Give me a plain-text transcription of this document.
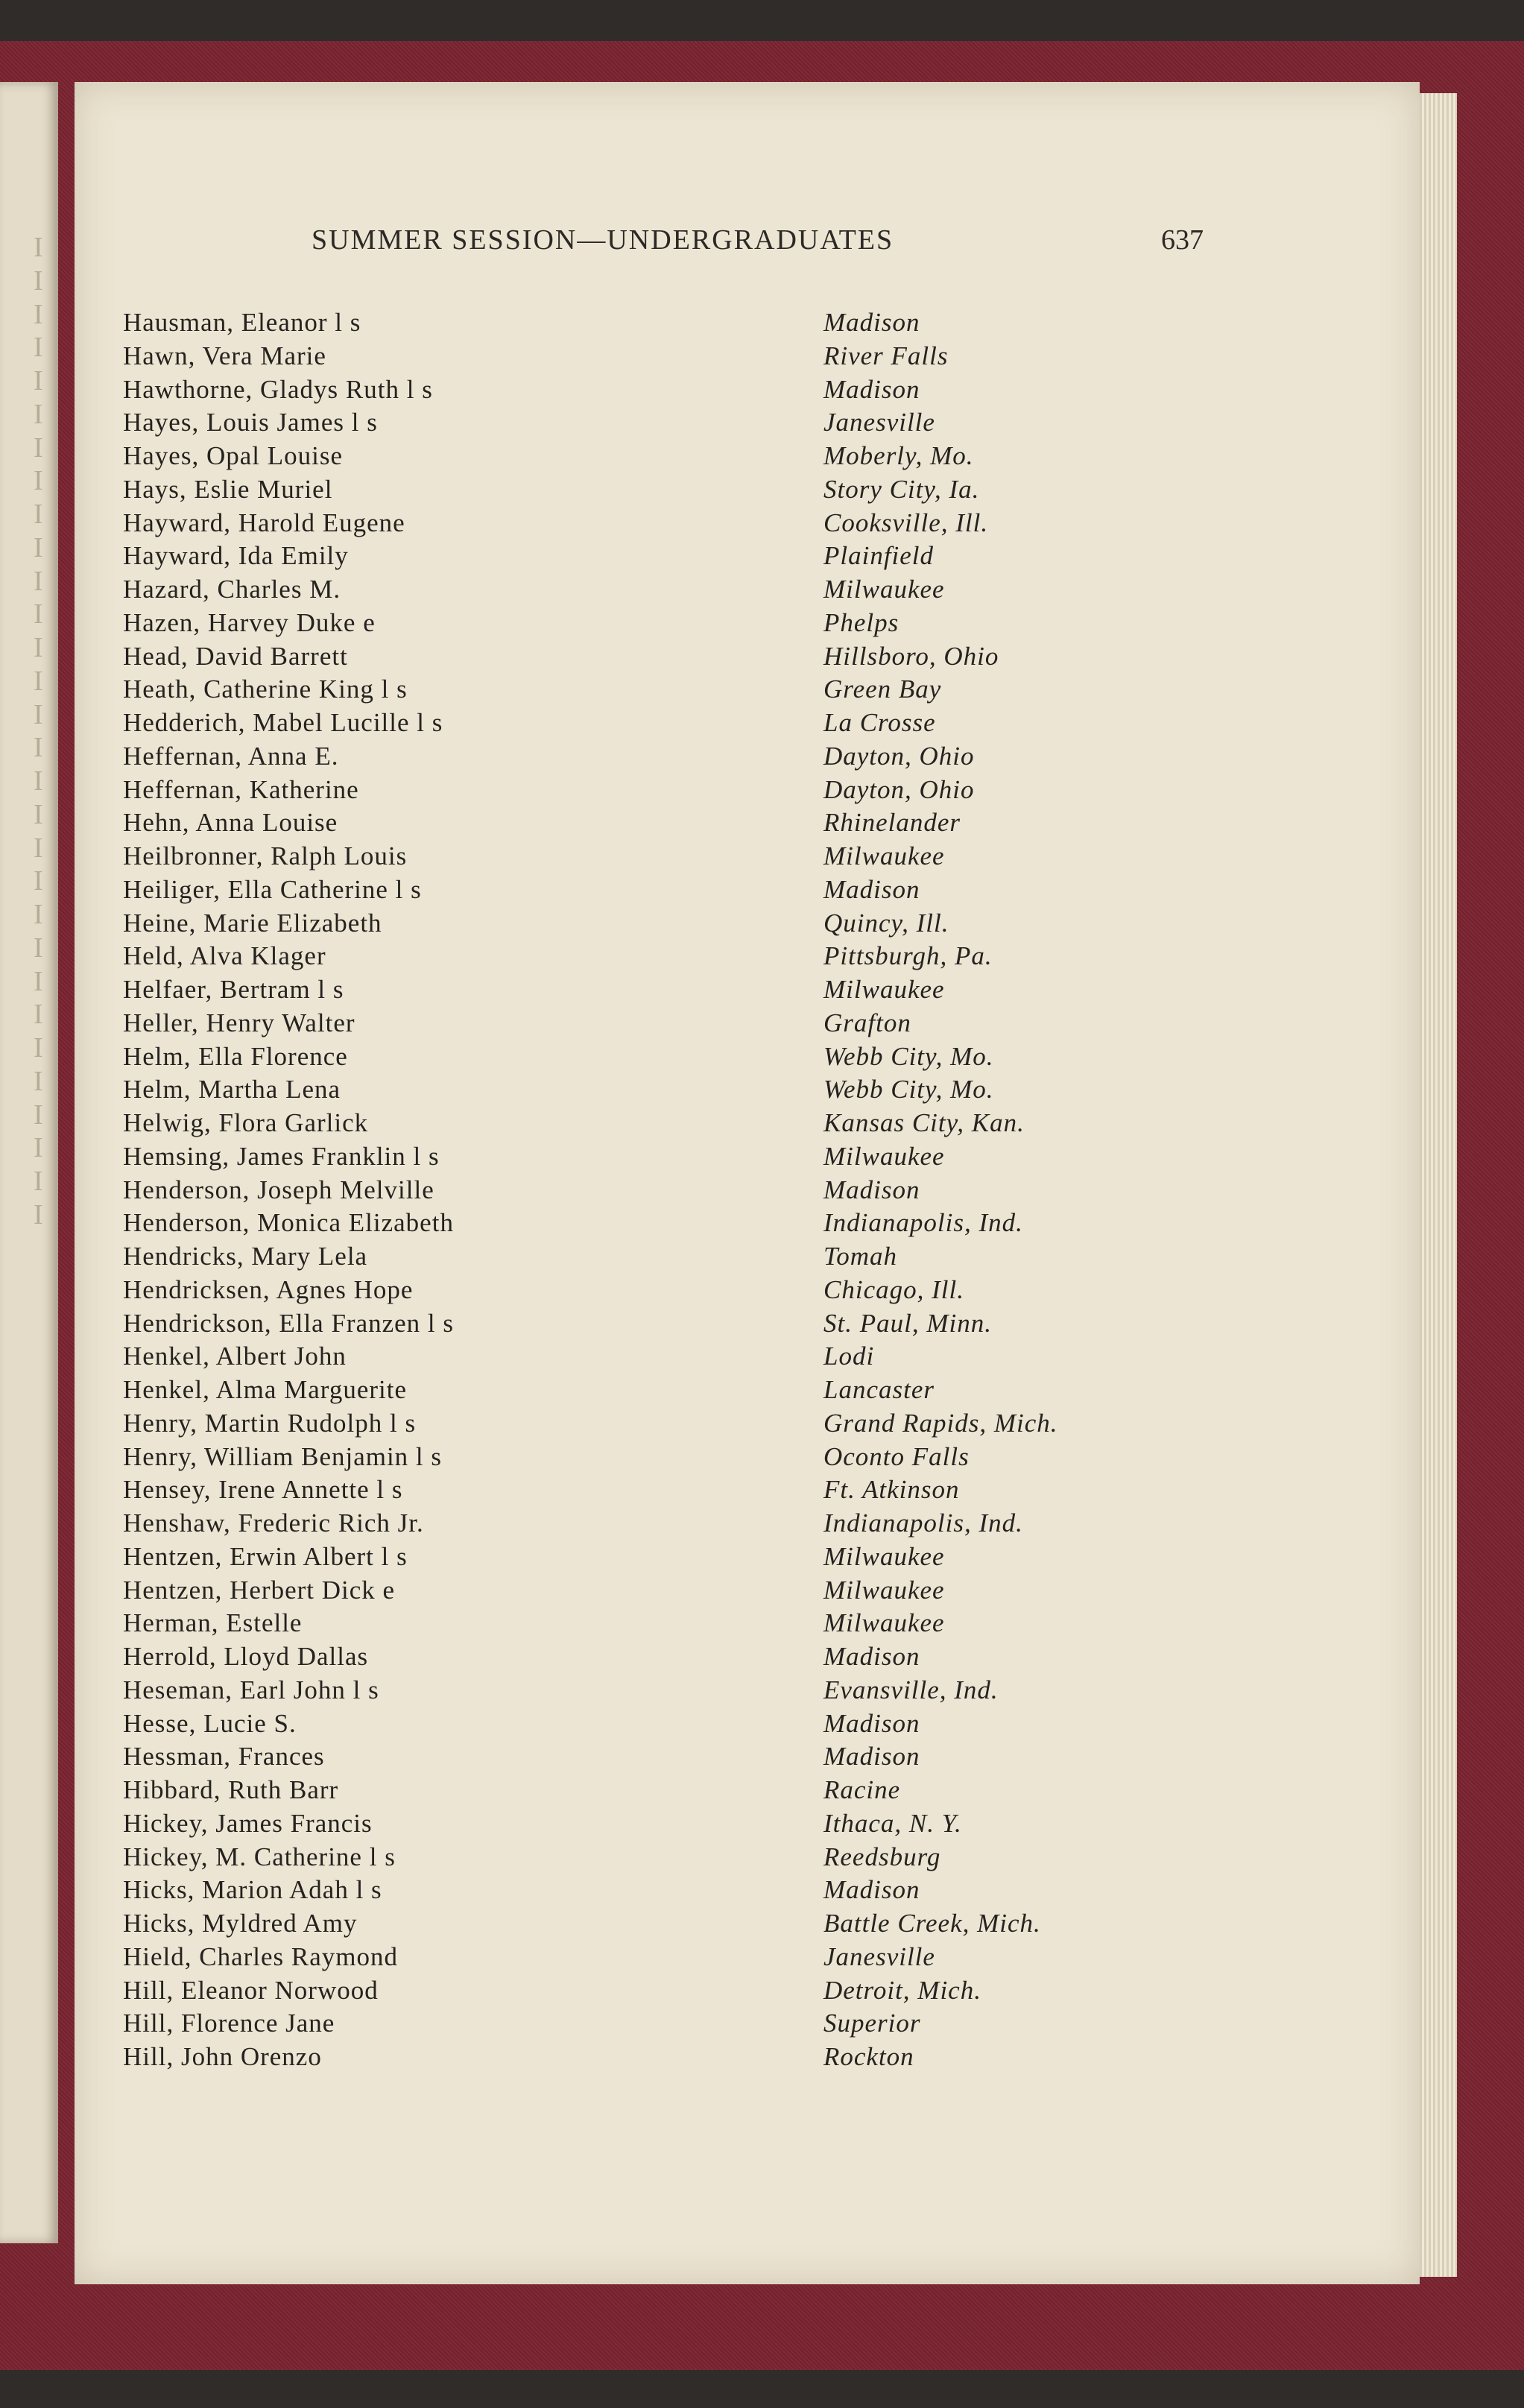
SUMMER SESSION—UNDERGRADUATES	637
Hausman, Eleanor l s	Madison
Hawn, Vera Marie	River Falls
Hawthorne, Gladys Ruth l s	Madison
Hayes, Louis James l s	Janesville
Hayes, Opal Louise	Moberly, Mo.
Hays, Eslie Muriel	Story City, Ia.
Hayward, Harold Eugene	Cooksville, Ill.
Hayward, Ida Emily	Plainfield
Hazard, Charles M.	Milwaukee
Hazen, Harvey Duke e	Phelps
Head, David Barrett	Hillsboro, Ohio
Heath, Catherine King l s	Green Bay
Hedderich, Mabel Lucille l s	La Crosse
Heffernan, Anna E.	Dayton, Ohio
Heffernan, Katherine	Dayton, Ohio
Hehn, Anna Louise	Rhinelander
Heilbronner, Ralph Louis	Milwaukee
Heiliger, Ella Catherine l s	Madison
Heine, Marie Elizabeth	Quincy, Ill.
Held, Alva Klager	Pittsburgh, Pa.
Helfaer, Bertram l s	Milwaukee
Heller, Henry Walter	Grafton
Helm, Ella Florence	Webb City, Mo.
Helm, Martha Lena	Webb City, Mo.
Helwig, Flora Garlick	Kansas City, Kan.
Hemsing, James Franklin l s	Milwaukee
Henderson, Joseph Melville	Madison
Henderson, Monica Elizabeth	Indianapolis, Ind.
Hendricks, Mary Lela	Tomah
Hendricksen, Agnes Hope	Chicago, Ill.
Hendrickson, Ella Franzen l s	St. Paul, Minn.
Henkel, Albert John	Lodi
Henkel, Alma Marguerite	Lancaster
Henry, Martin Rudolph l s	Grand Rapids, Mich.
Henry, William Benjamin l s	Oconto Falls
Hensey, Irene Annette l s	Ft. Atkinson
Henshaw, Frederic Rich Jr.	Indianapolis, Ind.
Hentzen, Erwin Albert l s	Milwaukee
Hentzen, Herbert Dick e	Milwaukee
Herman, Estelle	Milwaukee
Herrold, Lloyd Dallas	Madison
Heseman, Earl John l s	Evansville, Ind.
Hesse, Lucie S.	Madison
Hessman, Frances	Madison
Hibbard, Ruth Barr	Racine
Hickey, James Francis	Ithaca, N. Y.
Hickey, M. Catherine l s	Reedsburg
Hicks, Marion Adah l s	Madison
Hicks, Myldred Amy	Battle Creek, Mich.
Hield, Charles Raymond	Janesville
Hill, Eleanor Norwood	Detroit, Mich.
Hill, Florence Jane	Superior
Hill, John Orenzo	Rockton
I
I
I
I
I
I
I
I
I
I
I
I
I
I
I
I
I
I
I
I
I
I
I
I
I
I
I
I
I
I
